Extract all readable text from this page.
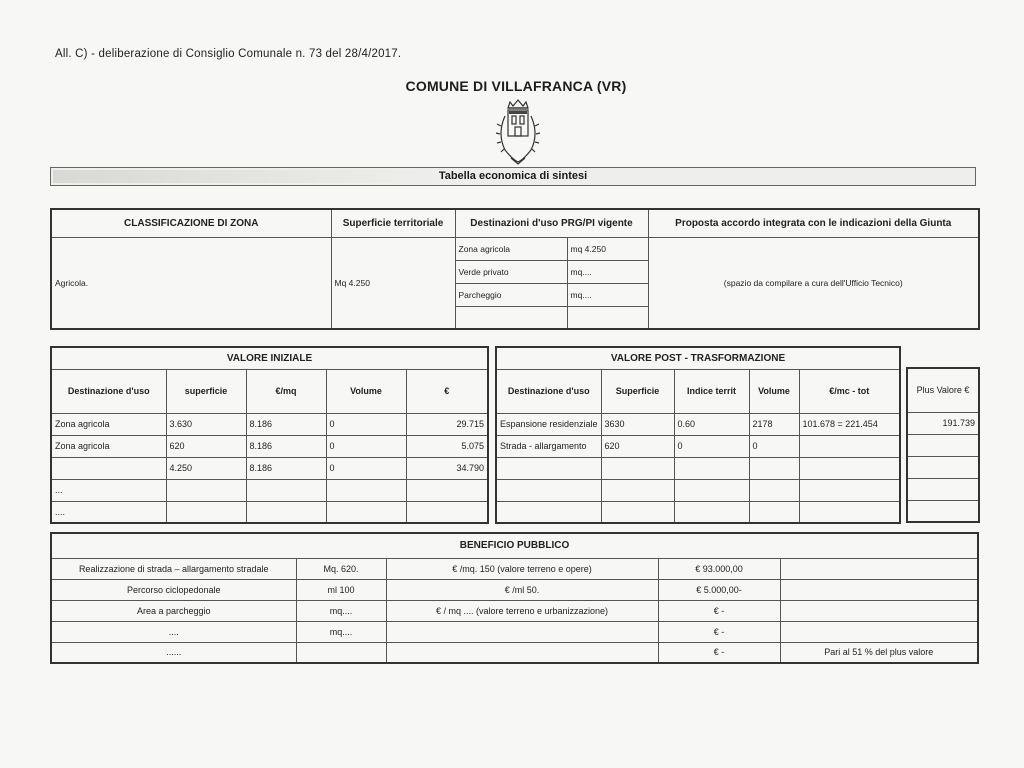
All. C) - deliberazione di Consiglio Comunale n. 73 del 28/4/2017.
COMUNE DI VILLAFRANCA (VR)
Tabella economica di sintesi
CLASSIFICAZIONE DI ZONA	Superficie territoriale	Destinazioni d'uso PRG/PI vigente		Proposta accordo integrata con le indicazioni della Giunta
Agricola.	Mq 4.250	Zona agricola	mq 4.250	(spazio da compilare a cura dell'Ufficio Tecnico)
		Verde privato	mq....	
		Parcheggio	mq....	

VALORE INIZIALE				
Destinazione d'uso	superficie	€/mq	Volume	€
Zona agricola	3.630	8.186	0	29.715
Zona agricola	620	8.186	0	5.075
	4.250	8.186	0	34.790
...				
....				
VALORE POST - TRASFORMAZIONE				
Destinazione d'uso	Superficie	Indice territ	Volume	€/mc - tot
Espansione residenziale	3630	0.60	2178	101.678 = 221.454
Strada - allargamento	620	0	0	

Plus Valore €
191.739

BENEFICIO PUBBLICO				
Realizzazione di strada – allargamento stradale	Mq. 620.	€ /mq. 150 (valore terreno e opere)	€ 93.000,00	
Percorso ciclopedonale	ml 100	€ /ml 50.	€ 5.000,00-	
Area a parcheggio	mq....	€ / mq .... (valore terreno e urbanizzazione)	€ -	
....	mq....		€ -	
......			€ -	Pari al 51 % del plus valore
